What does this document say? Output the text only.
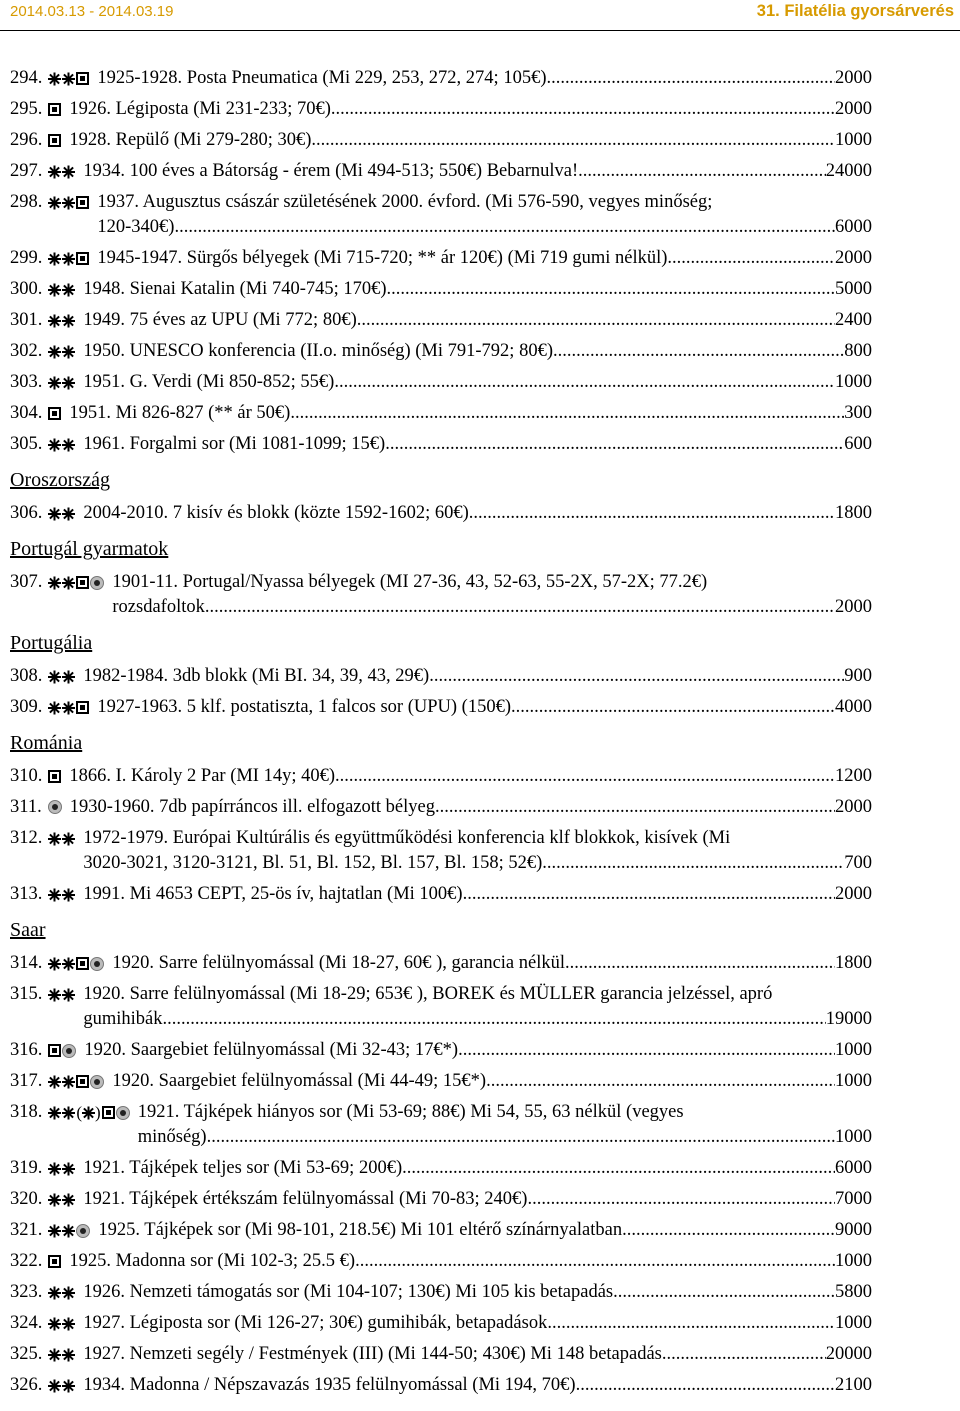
2014.03.13 - 2014.03.19	31. Filatélia gyorsárverés
294.	1925-1928. Posta Pneumatica (Mi 229, 253, 272, 274; 105€) .....	2000
295. 1926. Légiposta (Mi 231-233; 70€) .....	2000
296. 1928. Repülő (Mi 279-280; 30€) .....	1000
297. 1934. 100 éves a Bátorság - érem (Mi 494-513; 550€) Bebarnulva! .....	24000
298.	1937. Augusztus császár születésének 2000. évford. (Mi 576-590, vegyes minőség;
120-340€) .....	6000
299.	1945-1947. Sürgős bélyegek (Mi 715-720; ** ár 120€) (Mi 719 gumi nélkül) .....	2000
300. 1948. Sienai Katalin (Mi 740-745; 170€) .....	5000
301. 1949. 75 éves az UPU (Mi 772; 80€) .....	2400
302. 1950. UNESCO konferencia (II.o. minőség) (Mi 791-792; 80€) .....	800
303. 1951. G. Verdi (Mi 850-852; 55€) .....	1000
304. 1951. Mi 826-827 (** ár 50€) .....	300
305. 1961. Forgalmi sor (Mi 1081-1099; 15€) .....	600
Oroszország
306. 2004-2010. 7 kisív és blokk (közte 1592-1602; 60€) .....	1800
Portugál gyarmatok
307.	1901-11. Portugal/Nyassa bélyegek (MI 27-36, 43, 52-63, 55-2X, 57-2X; 77.2€)
rozsdafoltok .....	2000
Portugália
308. 1982-1984. 3db blokk (Mi BI. 34, 39, 43, 29€) .....	900
309.	1927-1963. 5 klf. postatiszta, 1 falcos sor (UPU) (150€) .....	4000
Románia
310. 1866. I. Károly 2 Par (MI 14y; 40€) .....	1200
311. 1930-1960. 7db papírráncos ill. elfogazott bélyeg .....	2000
312. 1972-1979. Európai Kultúrális és együttműködési konferencia klf blokkok, kisívek (Mi
3020-3021, 3120-3121, Bl. 51, Bl. 152, Bl. 157, Bl. 158; 52€) .....	700
313. 1991. Mi 4653 CEPT, 25-ös ív, hajtatlan (Mi 100€) .....	2000
Saar
314.	1920. Sarre felülnyomással (Mi 18-27, 60€ ), garancia nélkül .....	1800
315. 1920. Sarre felülnyomással (Mi 18-29; 653€ ), BOREK és MÜLLER garancia jelzéssel, apró
gumihibák .....	19000
316. 1920. Saargebiet felülnyomással (Mi 32-43; 17€*) .....	1000
317.	1920. Saargebiet felülnyomással (Mi 44-49; 15€*) .....	1000
318. ( ) 1921. Tájképek hiányos sor (Mi 53-69; 88€) Mi 54, 55, 63 nélkül (vegyes
minőség).. .....	1000
319. 1921. Tájképek teljes sor (Mi 53-69; 200€) .....	6000
320. 1921. Tájképek értékszám felülnyomással (Mi 70-83; 240€) .....	7000
321.	1925. Tájképek sor (Mi 98-101, 218.5€) Mi 101 eltérő színárnyalatban .....	9000
322. 1925. Madonna sor (Mi 102-3; 25.5 €) .....	1000
323. 1926. Nemzeti támogatás sor (Mi 104-107; 130€) Mi 105 kis betapadás .....	5800
324. 1927. Légiposta sor (Mi 126-27; 30€) gumihibák, betapadások .....	1000
325. 1927. Nemzeti segély / Festmények (III) (Mi 144-50; 430€) Mi 148 betapadás .....	20000
326. 1934. Madonna / Népszavazás 1935 felülnyomással (Mi 194, 70€) .....	2100
